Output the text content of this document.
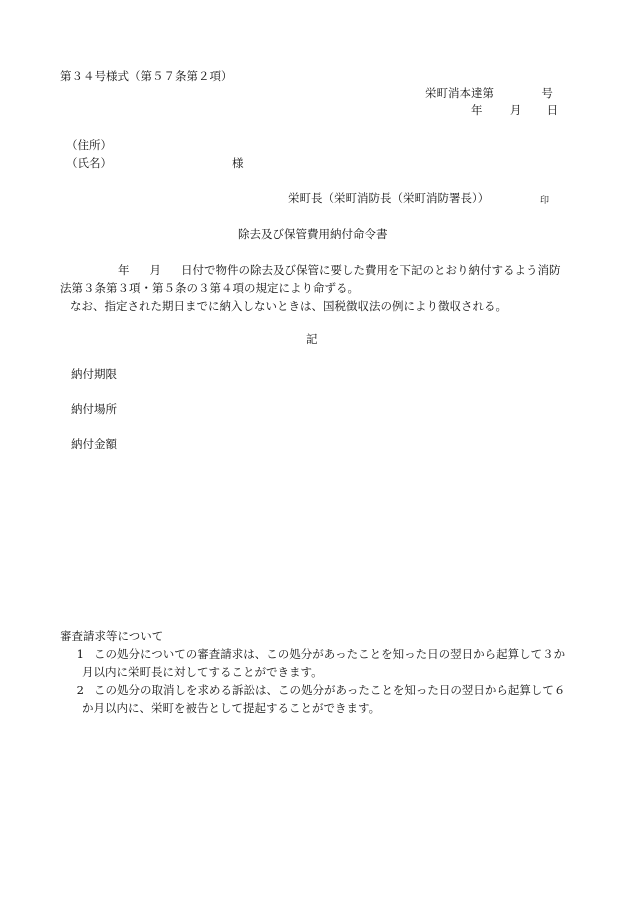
第３４号様式（第５７条第２項）
栄町消本達第	号
年 月 日
（住所）
（氏名）	様
栄町長（栄町消防長（栄町消防署長））	印
除去及び保管費用納付命令書
年 月 日付で物件の除去及び保管に要した費用を下記のとおり納付するよう消防
法第３条第３項・第５条の３第４項の規定により命ずる。
なお、指定された期日までに納入しないときは、国税徴収法の例により徴収される。
記
納付期限
納付場所
納付金額
審査請求等について
1 この処分についての審査請求は、この処分があったことを知った日の翌日から起算して３か
月以内に栄町長に対してすることができます。
2 この処分の取消しを求める訴訟は、この処分があったことを知った日の翌日から起算して６
か月以内に、栄町を被告として提起することができます。
